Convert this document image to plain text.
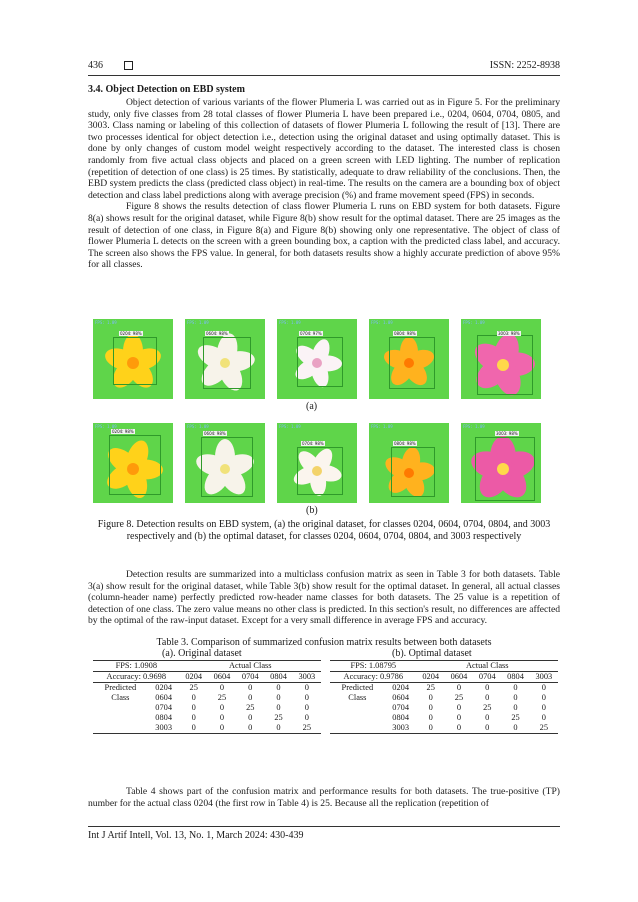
436	ISSN: 2252-8938
3.4. Object Detection on EBD system

Object detection of various variants of the flower Plumeria L was carried out as in Figure 5. For the preliminary study, only five classes from 28 total classes of flower Plumeria L have been prepared i.e., 0204, 0604, 0704, 0805, and 3003. Class naming or labeling of this collection of datasets of flower Plumeria L following the result of [13]. There are two processes identical for object detection i.e., detection using the original dataset and using optimally dataset. This is done by only changes of custom model weight respectively according to the dataset. The interested class is chosen randomly from five actual class objects and placed on a green screen with LED lighting. The number of replication (repetition of detection of one class) is 25 times. By statistically, adequate to draw reliability of the conclusions. Then, the EBD system predicts the class (predicted class object) in real-time. The results on the camera are a bounding box of object detection and class label predictions along with average precision (%) and frame movement speed (FPS) in seconds.

Figure 8 shows the results detection of class flower Plumeria L runs on EBD system for both datasets. Figure 8(a) shows result for the original dataset, while Figure 8(b) show result for the optimal dataset. There are 25 images as the result of detection of one class, in Figure 8(a) and Figure 8(b) showing only one representative. The object of class of flower Plumeria L detects on the screen with a green bounding box, a caption with the predicted class label, and accuracy. The screen also shows the FPS value. In general, for both datasets results show a highly accurate prediction of above 95% for all classes.

FPS: 1.09
0204: 98%
FPS: 1.09
0604: 98%
FPS: 1.09
0704: 97%
FPS: 1.09
0804: 98%
FPS: 1.09
3003: 98%
(a)
FPS: 1.09
0204: 98%
FPS: 1.09
0604: 98%
FPS: 1.09
0704: 98%
FPS: 1.09
0804: 98%
FPS: 1.09
3003: 98%
(b)
Figure 8. Detection results on EBD system, (a) the original dataset, for classes 0204, 0604, 0704, 0804, and 3003 respectively and (b) the optimal dataset, for classes 0204, 0604, 0704, 0804, and 3003 respectively

Detection results are summarized into a multiclass confusion matrix as seen in Table 3 for both datasets. Table 3(a) show result for the original dataset, while Table 3(b) show result for the optimal dataset. In general, all actual classes (column-header name) perfectly predicted row-header name classes for both datasets. The 25 value is a repetition of detection of one class. The zero value means no other class is predicted. In this section's result, no differences are affected by the optimal of the raw-input dataset. Except for a very small difference in average FPS and accuracy.

Table 3. Comparison of summarized confusion matrix results between both datasets
(a). Original dataset	(b). Optimal dataset
FPS: 1.0908		Actual Class				
Accuracy: 0.9698		0204	0604	0704	0804	3003
Predicted	0204	25	0	0	0	0
Class	0604	0	25	0	0	0
	0704	0	0	25	0	0
	0804	0	0	0	25	0
	3003	0	0	0	0	25
FPS: 1.08795		Actual Class				
Accuracy: 0.9786		0204	0604	0704	0804	3003
Predicted	0204	25	0	0	0	0
Class	0604	0	25	0	0	0
	0704	0	0	25	0	0
	0804	0	0	0	25	0
	3003	0	0	0	0	25

Table 4 shows part of the confusion matrix and performance results for both datasets. The true-positive (TP) number for the actual class 0204 (the first row in Table 4) is 25. Because all the replication (repetition of

Int J Artif Intell, Vol. 13, No. 1, March 2024: 430-439
